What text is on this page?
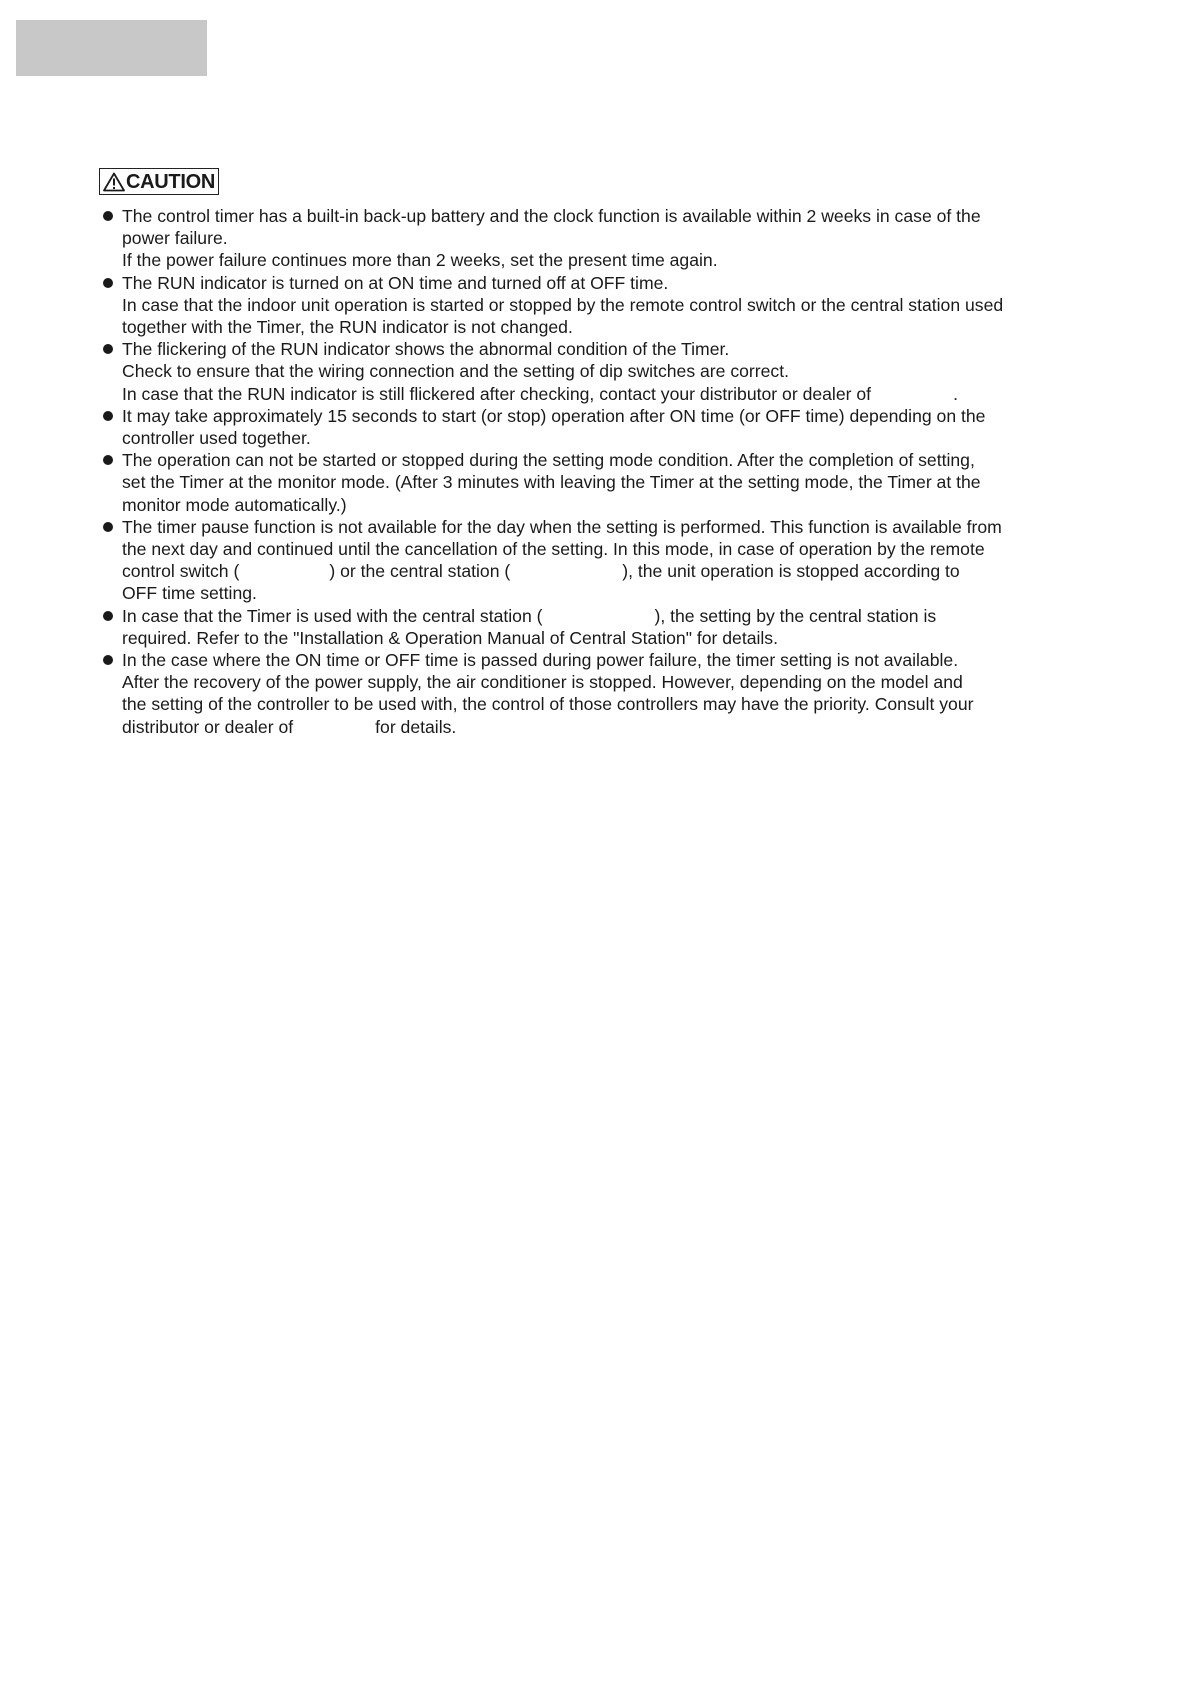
CAUTION
The control timer has a built-in back-up battery and the clock function is available within 2 weeks in case of the
power failure.
If the power failure continues more than 2 weeks, set the present time again.
The RUN indicator is turned on at ON time and turned off at OFF time.
In case that the indoor unit operation is started or stopped by the remote control switch or the central station used
together with the Timer, the RUN indicator is not changed.
The flickering of the RUN indicator shows the abnormal condition of the Timer.
Check to ensure that the wiring connection and the setting of dip switches are correct.
In case that the RUN indicator is still flickered after checking, contact your distributor or dealer of	.
It may take approximately 15 seconds to start (or stop) operation after ON time (or OFF time) depending on the
controller used together.
The operation can not be started or stopped during the setting mode condition. After the completion of setting,
set the Timer at the monitor mode. (After 3 minutes with leaving the Timer at the setting mode, the Timer at the
monitor mode automatically.)
The timer pause function is not available for the day when the setting is performed. This function is available from
the next day and continued until the cancellation of the setting. In this mode, in case of operation by the remote
control switch (	) or the central station (	), the unit operation is stopped according to
OFF time setting.
In case that the Timer is used with the central station (	), the setting by the central station is
required. Refer to the "Installation & Operation Manual of Central Station" for details.
In the case where the ON time or OFF time is passed during power failure, the timer setting is not available.
After the recovery of the power supply, the air conditioner is stopped. However, depending on the model and
the setting of the controller to be used with, the control of those controllers may have the priority. Consult your
distributor or dealer of	for details.
